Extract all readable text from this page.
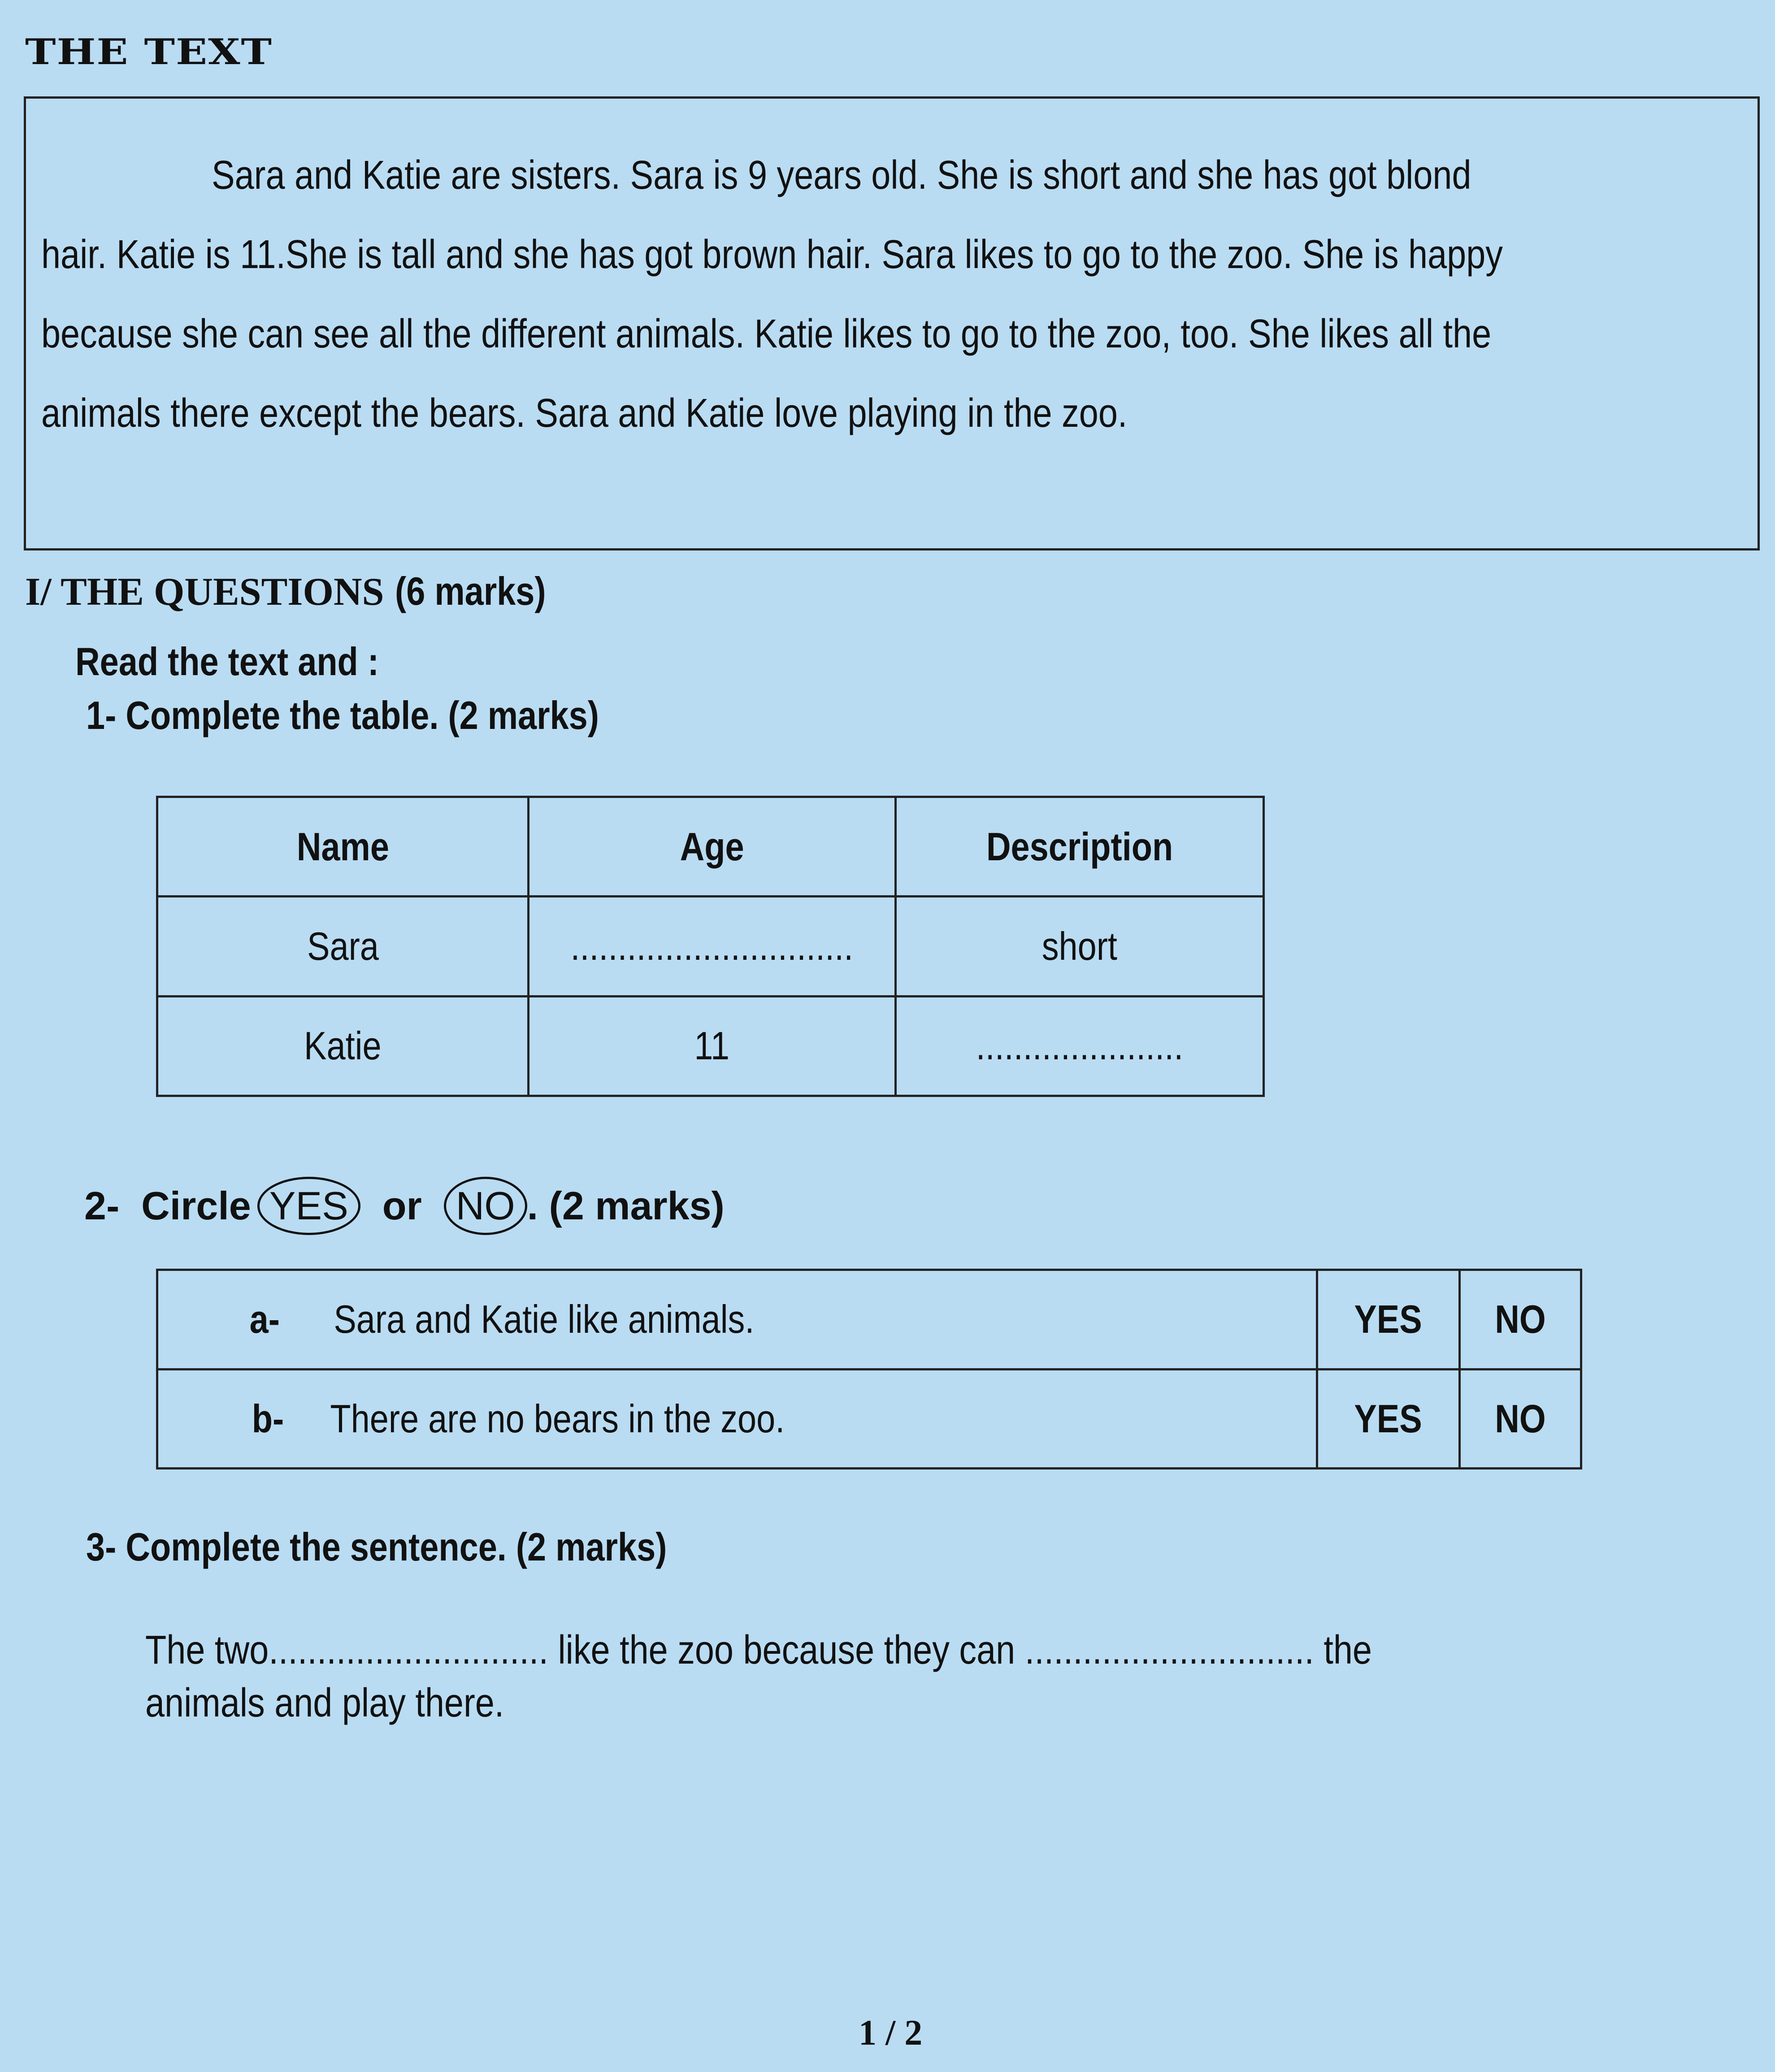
THE TEXT
Sara and Katie are sisters. Sara is 9 years old. She is short and she has got blond
hair. Katie is 11.She is tall and she has got brown hair. Sara likes to go to the zoo. She is happy
because she can see all the different animals. Katie likes to go to the zoo, too. She likes all the
animals there except the bears. Sara and Katie love playing in the zoo.
I/ THE QUESTIONS (6 marks)
Read the text and :
1- Complete the table. (2 marks)
Name	Age	Description
Sara	..............................	short
Katie	11	......................
2- Circle YES or NO . (2 marks)
a- Sara and Katie like animals.	YES	NO
b- There are no bears in the zoo.	YES	NO
3- Complete the sentence. (2 marks)
The two............................. like the zoo because they can .............................. the
animals and play there.
1 / 2
